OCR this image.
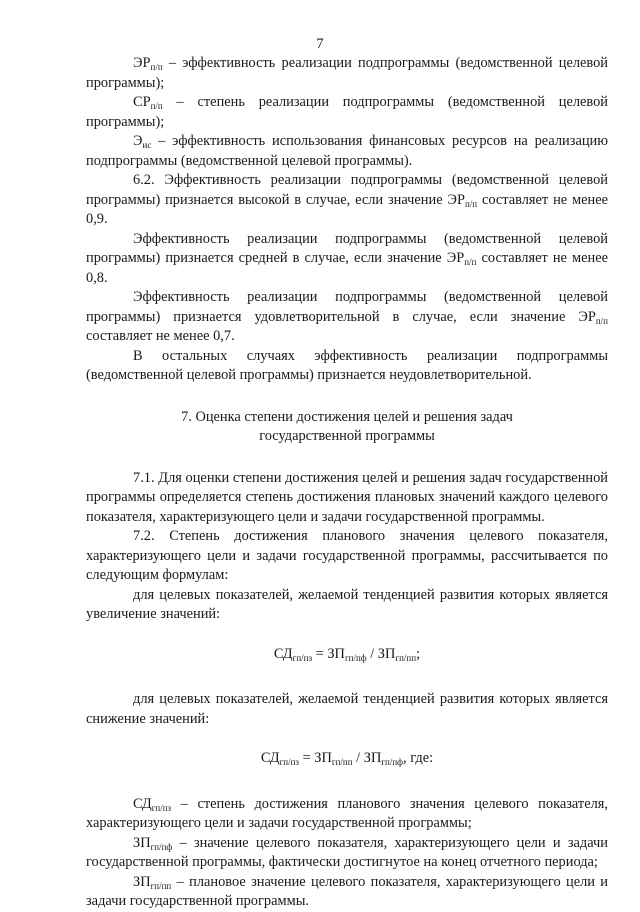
7

$ЭР_{п/п}$ – эффективность реализации подпрограммы (ведомственной целевой программы);

$СР_{п/п}$ – степень реализации подпрограммы (ведомственной целевой программы);

$Э_{ис}$ – эффективность использования финансовых ресурсов на реализацию подпрограммы (ведомственной целевой программы).

6.2. Эффективность реализации подпрограммы (ведомственной целевой программы) признается высокой в случае, если значение $ЭР_{п/п}$ составляет не менее 0,9.

Эффективность реализации подпрограммы (ведомственной целевой программы) признается средней в случае, если значение $ЭР_{п/п}$ составляет не менее 0,8.

Эффективность реализации подпрограммы (ведомственной целевой программы) признается удовлетворительной в случае, если значение $ЭР_{п/п}$ составляет не менее 0,7.

В остальных случаях эффективность реализации подпрограммы (ведомственной целевой программы) признается неудовлетворительной.

7. Оценка степени достижения целей и решения задач

государственной программы

7.1. Для оценки степени достижения целей и решения задач государственной программы определяется степень достижения плановых значений каждого целевого показателя, характеризующего цели и задачи государственной программы.

7.2. Степень достижения планового значения целевого показателя, характеризующего цели и задачи государственной программы, рассчитывается по следующим формулам:

для целевых показателей, желаемой тенденцией развития которых является увеличение значений:

$СД_{гп/пз} = ЗП_{гп/пф} / ЗП_{гп/пп}$;

для целевых показателей, желаемой тенденцией развития которых является снижение значений:

$СД_{гп/пз} = ЗП_{гп/пп} / ЗП_{гп/пф}$, где:

$СД_{гп/пз}$ – степень достижения планового значения целевого показателя, характеризующего цели и задачи государственной программы;

$ЗП_{гп/пф}$ – значение целевого показателя, характеризующего цели и задачи государственной программы, фактически достигнутое на конец отчетного периода;

$ЗП_{гп/пп}$ – плановое значение целевого показателя, характеризующего цели и задачи государственной программы.
